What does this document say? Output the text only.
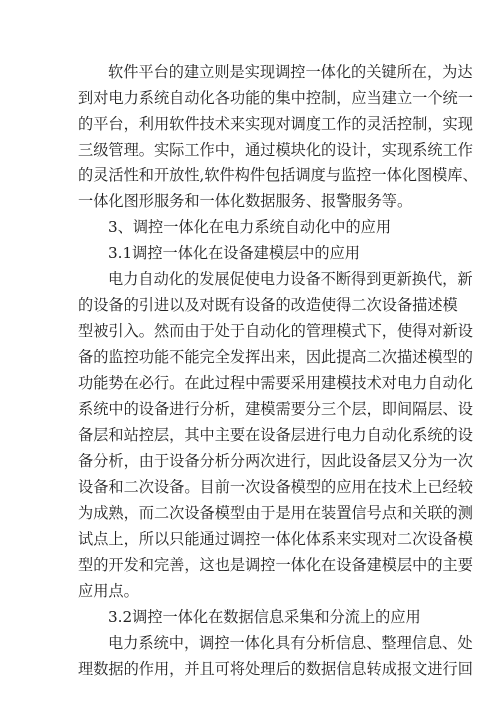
软件平台的建立则是实现调控一体化的关键所在，为达
到对电力系统自动化各功能的集中控制，应当建立一个统一
的平台，利用软件技术来实现对调度工作的灵活控制，实现
三级管理。实际工作中，通过模块化的设计，实现系统工作
的灵活性和开放性,软件构件包括调度与监控一体化图模库、
一体化图形服务和一体化数据服务、报警服务等。
3、调控一体化在电力系统自动化中的应用
3.1调控一体化在设备建模层中的应用
电力自动化的发展促使电力设备不断得到更新换代，新
的设备的引进以及对既有设备的改造使得二次设备描述模
型被引入。然而由于处于自动化的管理模式下，使得对新设
备的监控功能不能完全发挥出来，因此提高二次描述模型的
功能势在必行。在此过程中需要采用建模技术对电力自动化
系统中的设备进行分析，建模需要分三个层，即间隔层、设
备层和站控层，其中主要在设备层进行电力自动化系统的设
备分析，由于设备分析分两次进行，因此设备层又分为一次
设备和二次设备。目前一次设备模型的应用在技术上已经较
为成熟，而二次设备模型由于是用在装置信号点和关联的测
试点上，所以只能通过调控一体化体系来实现对二次设备模
型的开发和完善，这也是调控一体化在设备建模层中的主要
应用点。
3.2调控一体化在数据信息采集和分流上的应用
电力系统中，调控一体化具有分析信息、整理信息、处
理数据的作用，并且可将处理后的数据信息转成报文进行回
